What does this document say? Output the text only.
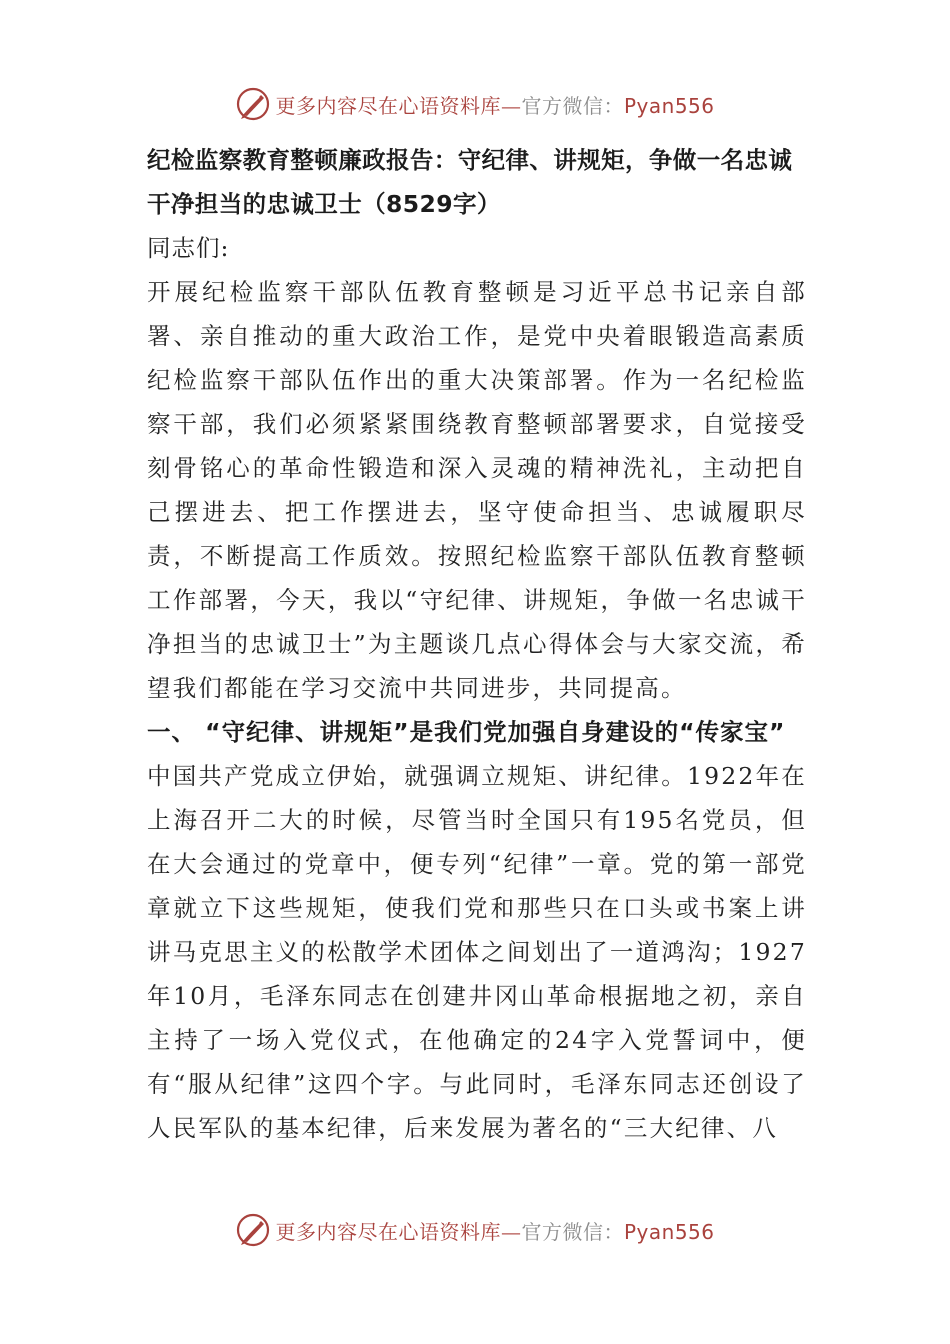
更多内容尽在心语资料库—官方微信：Pyan556

纪检监察教育整顿廉政报告：守纪律、讲规矩，争做一名忠诚干净担当的忠诚卫士（8529字）

同志们:

开展纪检监察干部队伍教育整顿是习近平总书记亲自部署、亲自推动的重大政治工作，是党中央着眼锻造高素质纪检监察干部队伍作出的重大决策部署。作为一名纪检监察干部，我们必须紧紧围绕教育整顿部署要求，自觉接受刻骨铭心的革命性锻造和深入灵魂的精神洗礼，主动把自己摆进去、把工作摆进去，坚守使命担当、忠诚履职尽责，不断提高工作质效。按照纪检监察干部队伍教育整顿工作部署，今天，我以“守纪律、讲规矩，争做一名忠诚干净担当的忠诚卫士”为主题谈几点心得体会与大家交流，希望我们都能在学习交流中共同进步，共同提高。

一、 “守纪律、讲规矩”是我们党加强自身建设的“传家宝”

中国共产党成立伊始，就强调立规矩、讲纪律。1922年在上海召开二大的时候，尽管当时全国只有195名党员，但在大会通过的党章中，便专列“纪律”一章。党的第一部党章就立下这些规矩，使我们党和那些只在口头或书案上讲讲马克思主义的松散学术团体之间划出了一道鸿沟；1927年10月，毛泽东同志在创建井冈山革命根据地之初，亲自主持了一场入党仪式，在他确定的24字入党誓词中，便有“服从纪律”这四个字。与此同时，毛泽东同志还创设了人民军队的基本纪律，后来发展为著名的“三大纪律、八

更多内容尽在心语资料库—官方微信：Pyan556
